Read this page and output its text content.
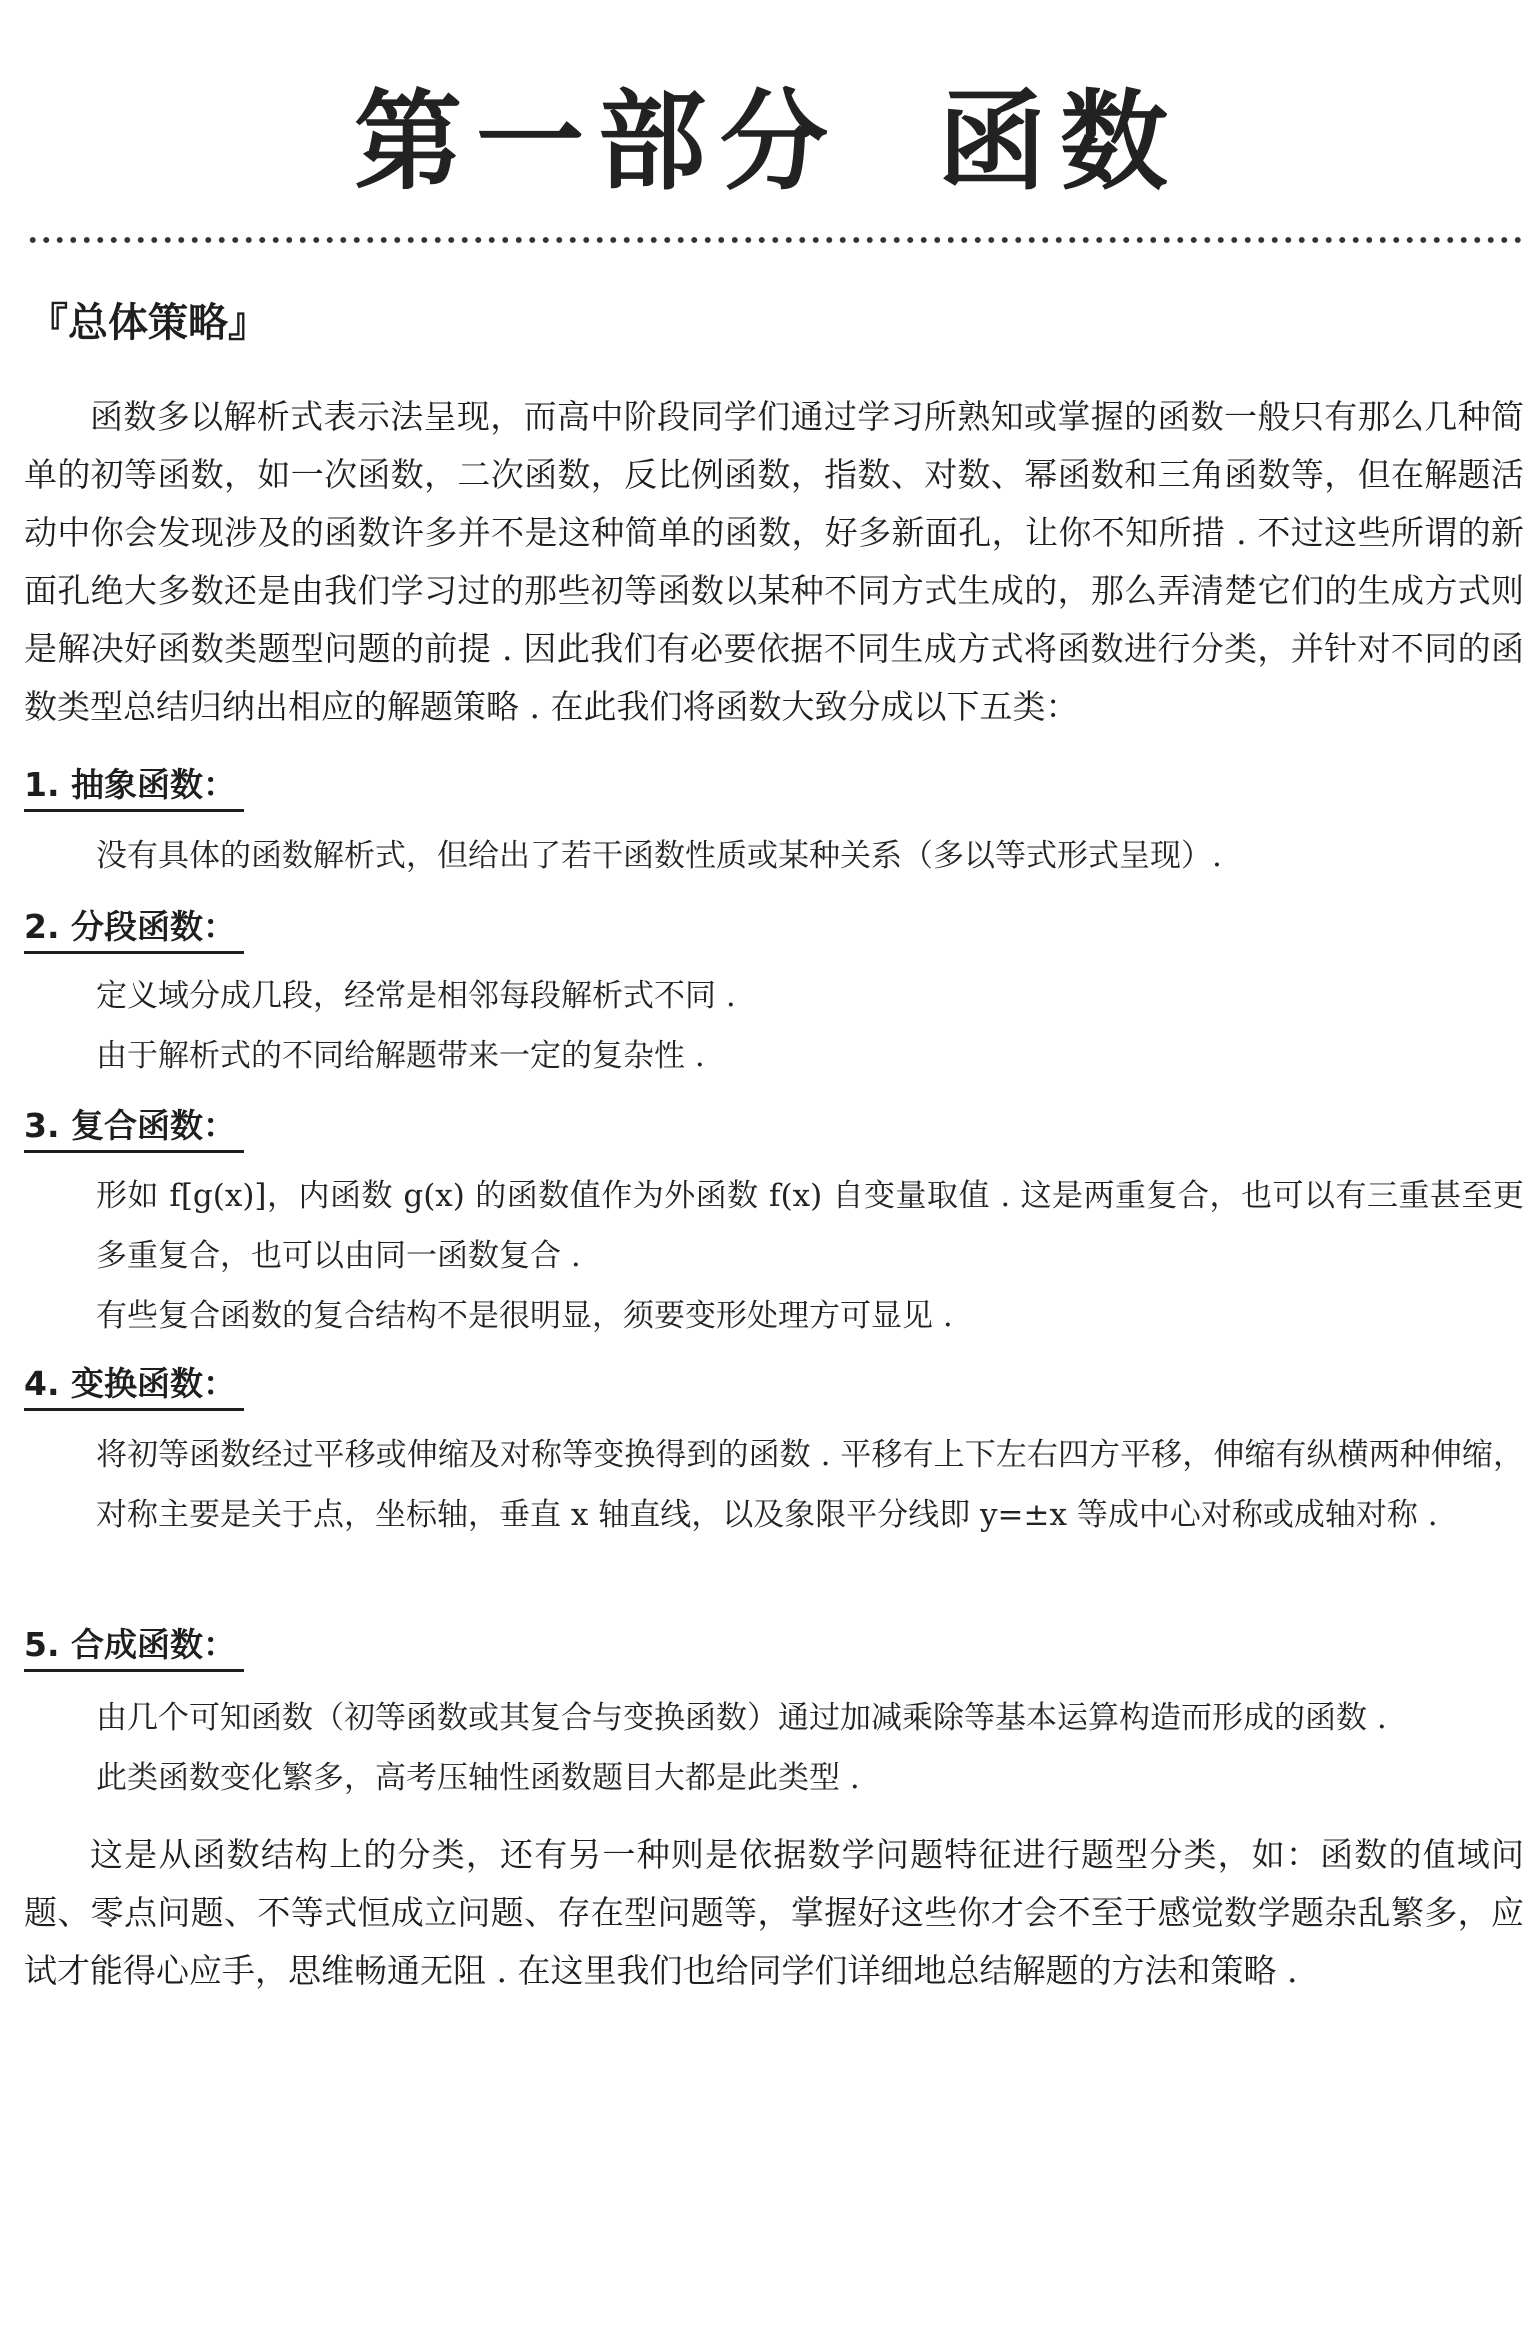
第一部分 函数
『总体策略』
函数多以解析式表示法呈现，而高中阶段同学们通过学习所熟知或掌握的函数一般只有那么几种简单的初等函数，如一次函数，二次函数，反比例函数，指数、对数、幂函数和三角函数等，但在解题活动中你会发现涉及的函数许多并不是这种简单的函数，好多新面孔，让你不知所措 . 不过这些所谓的新面孔绝大多数还是由我们学习过的那些初等函数以某种不同方式生成的，那么弄清楚它们的生成方式则是解决好函数类题型问题的前提 . 因此我们有必要依据不同生成方式将函数进行分类，并针对不同的函数类型总结归纳出相应的解题策略 . 在此我们将函数大致分成以下五类：
1. 抽象函数：
没有具体的函数解析式，但给出了若干函数性质或某种关系（多以等式形式呈现）.
2. 分段函数：
定义域分成几段，经常是相邻每段解析式不同 .
由于解析式的不同给解题带来一定的复杂性 .
3. 复合函数：
形如 f[g(x)]，内函数 g(x) 的函数值作为外函数 f(x) 自变量取值 . 这是两重复合，也可以有三重甚至更多重复合，也可以由同一函数复合 .
有些复合函数的复合结构不是很明显，须要变形处理方可显见 .
4. 变换函数：
将初等函数经过平移或伸缩及对称等变换得到的函数 . 平移有上下左右四方平移，伸缩有纵横两种伸缩，对称主要是关于点，坐标轴，垂直 x 轴直线，以及象限平分线即 y=±x 等成中心对称或成轴对称 .
5. 合成函数：
由几个可知函数（初等函数或其复合与变换函数）通过加减乘除等基本运算构造而形成的函数 .
此类函数变化繁多，高考压轴性函数题目大都是此类型 .
这是从函数结构上的分类，还有另一种则是依据数学问题特征进行题型分类，如：函数的值域问题、零点问题、不等式恒成立问题、存在型问题等，掌握好这些你才会不至于感觉数学题杂乱繁多，应试才能得心应手，思维畅通无阻 . 在这里我们也给同学们详细地总结解题的方法和策略 .
